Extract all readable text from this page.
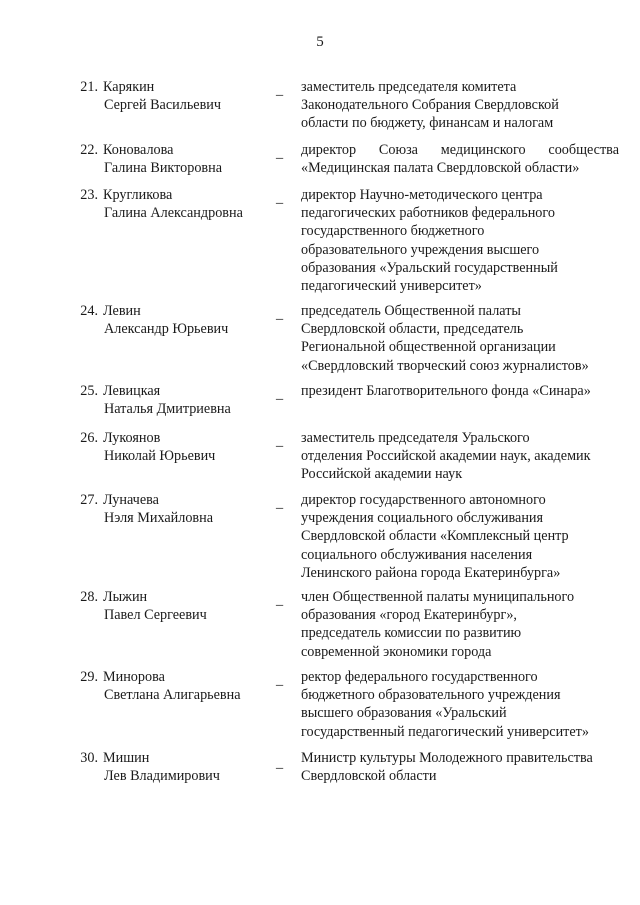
5
21. Карякин
Сергей Васильевич
_ заместитель председателя комитета
Законодательного Собрания Свердловской
области по бюджету, финансам и налогам
22. Коновалова
Галина Викторовна
_ директор Союза медицинского сообщества
«Медицинская палата Свердловской области»
23. Кругликова
Галина Александровна
_ директор Научно-методического центра
педагогических работников федерального
государственного бюджетного
образовательного учреждения высшего
образования «Уральский государственный
педагогический университет»
24. Левин
Александр Юрьевич
_ председатель Общественной палаты
Свердловской области, председатель
Региональной общественной организации
«Свердловский творческий союз журналистов»
25. Левицкая
Наталья Дмитриевна
_ президент Благотворительного фонда «Синара»
26. Лукоянов
Николай Юрьевич
_ заместитель председателя Уральского
отделения Российской академии наук, академик
Российской академии наук
27. Луначева
Нэля Михайловна
_ директор государственного автономного
учреждения социального обслуживания
Свердловской области «Комплексный центр
социального обслуживания населения
Ленинского района города Екатеринбурга»
28. Лыжин
Павел Сергеевич
_ член Общественной палаты муниципального
образования «город Екатеринбург»,
председатель комиссии по развитию
современной экономики города
29. Минорова
Светлана Алигарьевна
_ ректор федерального государственного
бюджетного образовательного учреждения
высшего образования «Уральский
государственный педагогический университет»
30. Мишин
Лев Владимирович
_ Министр культуры Молодежного правительства
Свердловской области
